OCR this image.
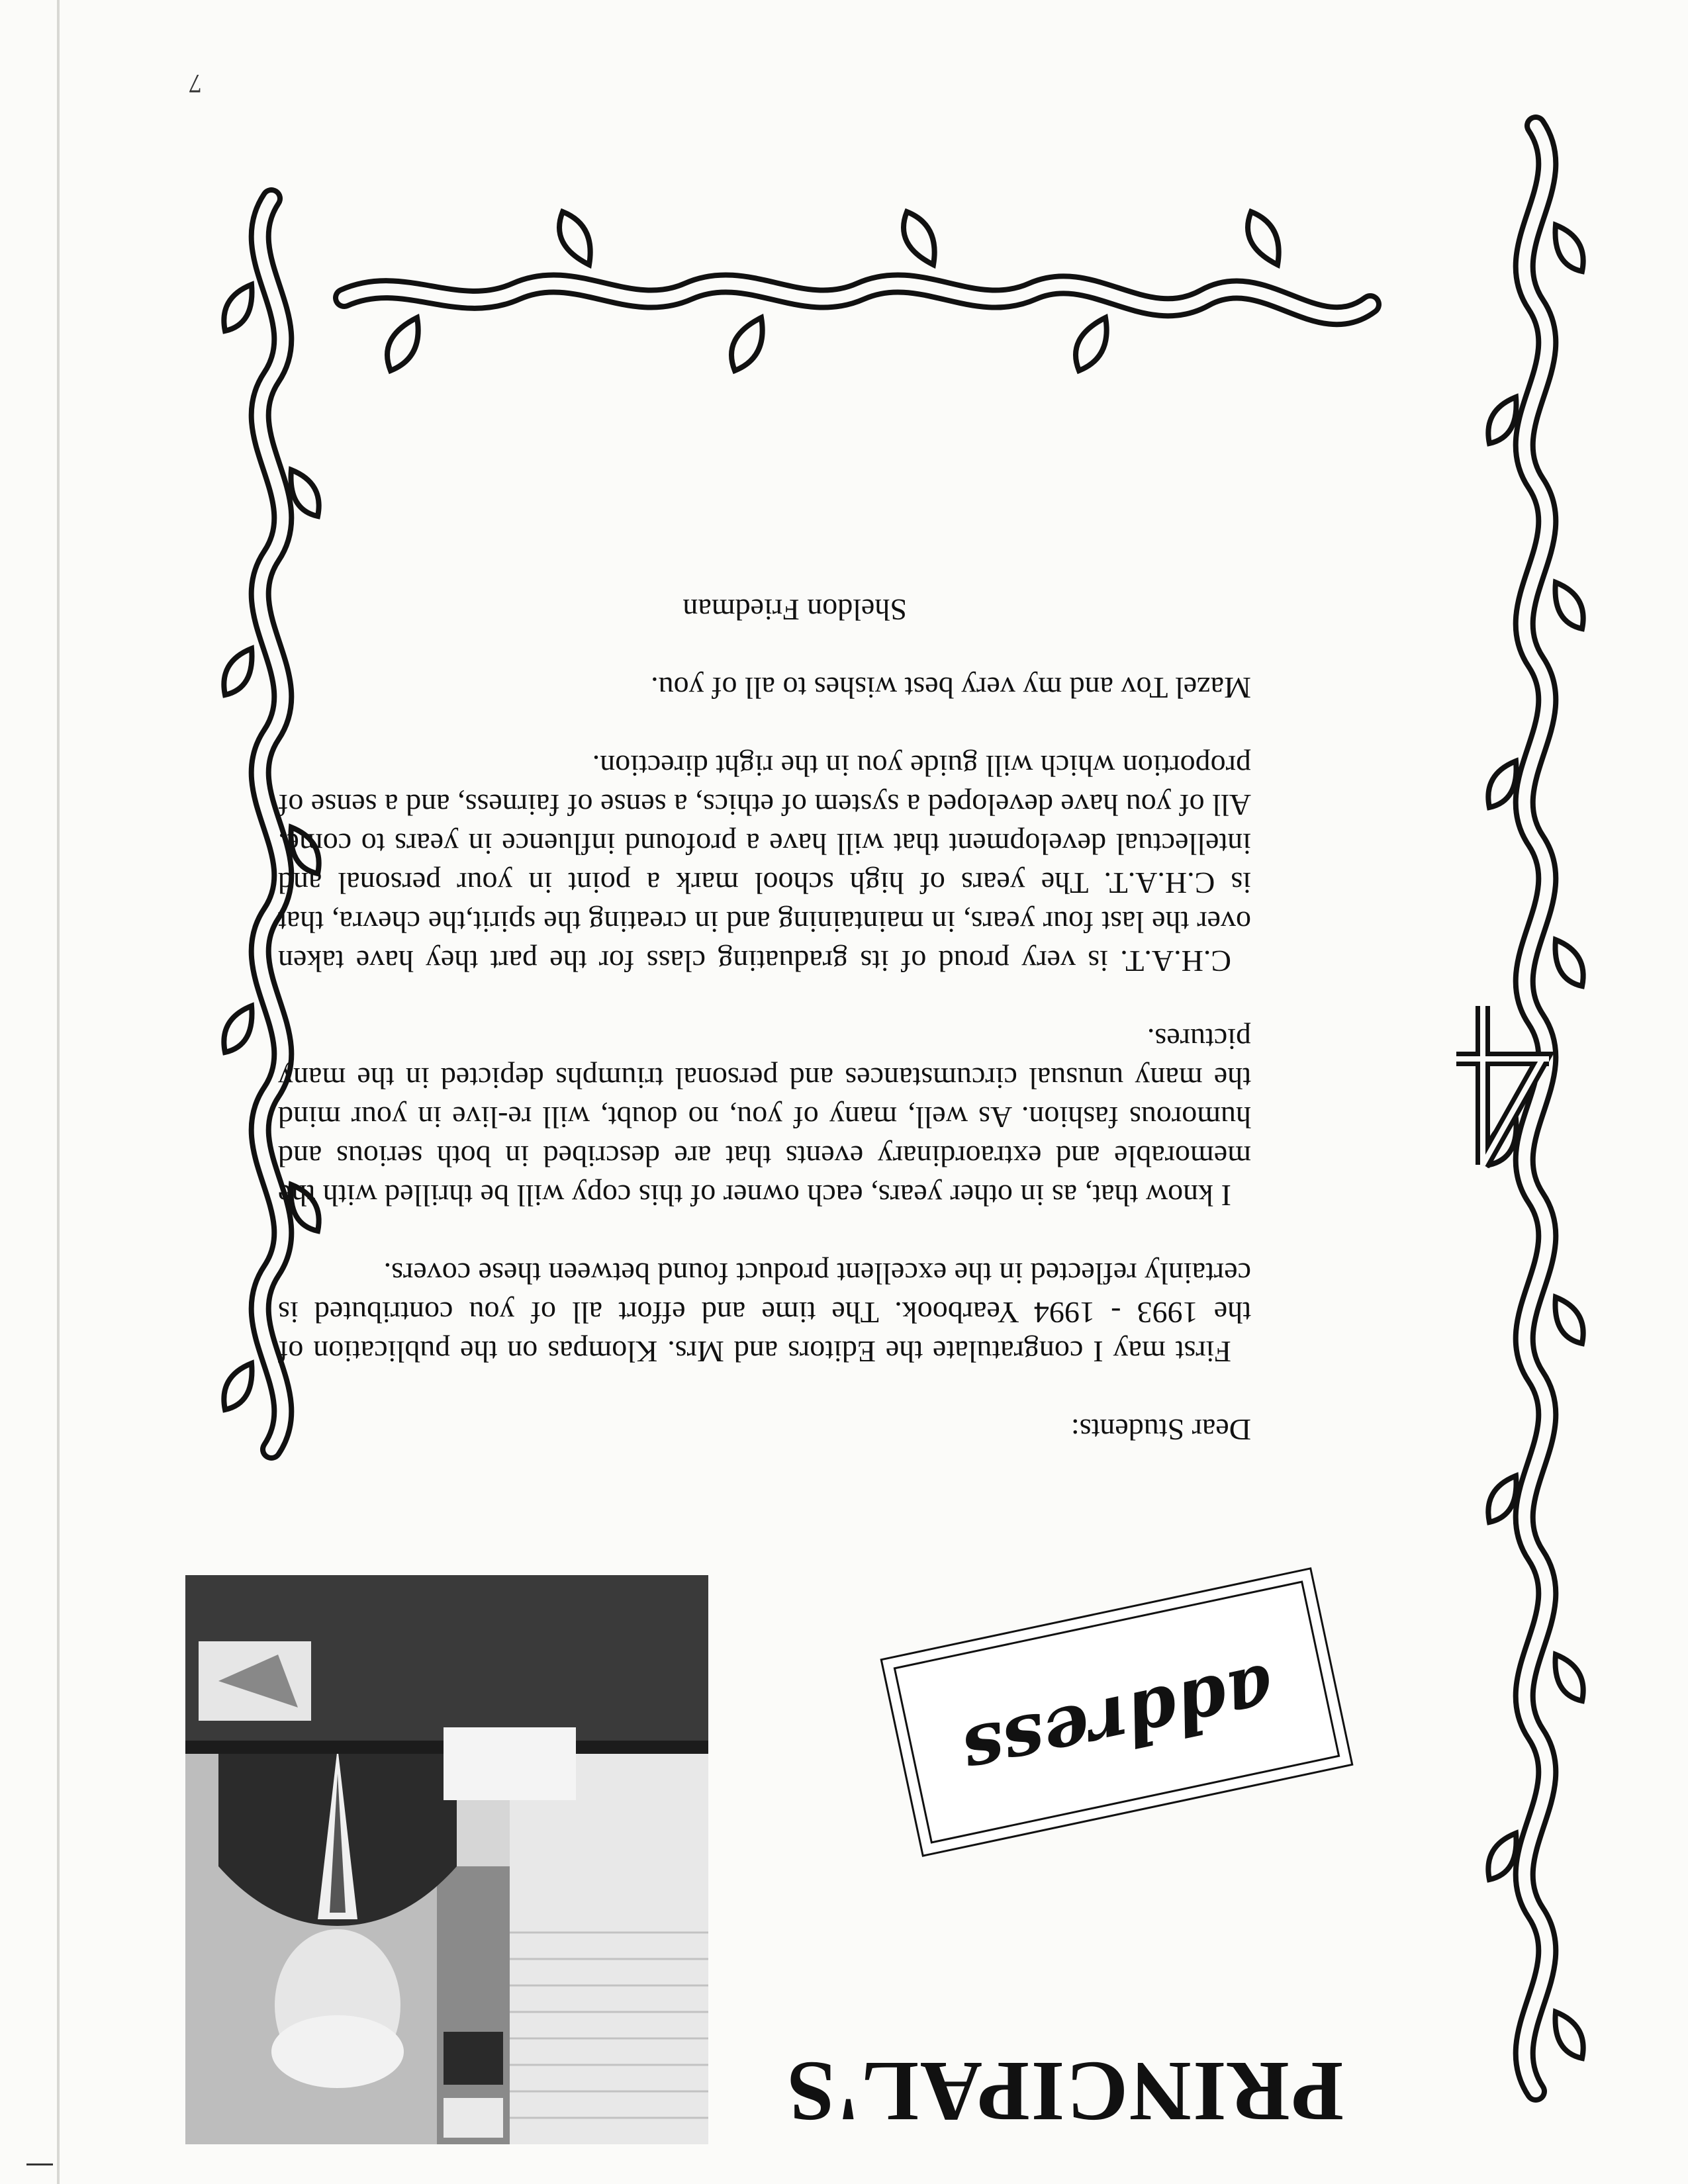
7

Dear Students:

First may I congratulate the Editors and Mrs. Klompas on the publication of the 1993 - 1994 Yearbook. The time and effort all of you contributed is certainly reflected in the excellent product found between these covers.

I know that, as in other years, each owner of this copy will be thrilled with the memorable and extraordinary events that are described in both serious and humorous fashion. As well, many of you, no doubt, will re-live in your mind the many unusual circumstances and personal triumphs depicted in the many pictures.

C.H.A.T. is very proud of its graduating class for the part they have taken over the last four years, in maintaining and in creating the spirit,the chevra, that is C.H.A.T. The years of high school mark a point in your personal and intellectual development that will have a profound influence in years to come. All of you have developed a system of ethics, a sense of fairness, and a sense of proportion which will guide you in the right direction.

Mazel Tov and my very best wishes to all of you.

Sheldon Friedman

PRINCIPAL'S
address
